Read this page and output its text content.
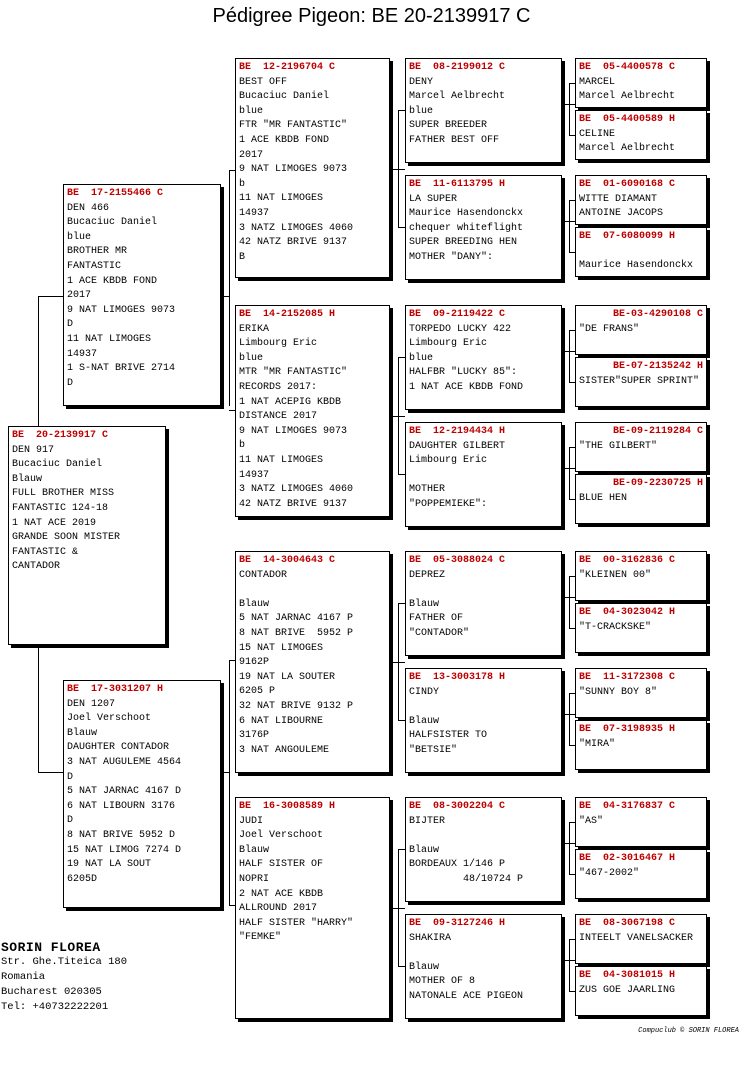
Pédigree Pigeon: BE 20-2139917 C
BE  20-2139917 C
DEN 917
Bucaciuc Daniel
Blauw
FULL BROTHER MISS
FANTASTIC 124-18
1 NAT ACE 2019
GRANDE SOON MISTER
FANTASTIC &
CANTADOR
BE  17-2155466 C
DEN 466
Bucaciuc Daniel
blue
BROTHER MR
FANTASTIC
1 ACE KBDB FOND
2017
9 NAT LIMOGES 9073
D
11 NAT LIMOGES
14937
1 S-NAT BRIVE 2714
D
BE  17-3031207 H
DEN 1207
Joel Verschoot
Blauw
DAUGHTER CONTADOR
3 NAT AUGULEME 4564
D
5 NAT JARNAC 4167 D
6 NAT LIBOURN 3176
D
8 NAT BRIVE 5952 D
15 NAT LIMOG 7274 D
19 NAT LA SOUT
6205D
BE  12-2196704 C
BEST OFF
Bucaciuc Daniel
blue
FTR "MR FANTASTIC"
1 ACE KBDB FOND
2017
9 NAT LIMOGES 9073
b
11 NAT LIMOGES
14937
3 NATZ LIMOGES 4060
42 NATZ BRIVE 9137
B
BE  14-2152085 H
ERIKA
Limbourg Eric
blue
MTR "MR FANTASTIC"
RECORDS 2017:
1 NAT ACEPIG KBDB
DISTANCE 2017
9 NAT LIMOGES 9073
b
11 NAT LIMOGES
14937
3 NATZ LIMOGES 4060
42 NATZ BRIVE 9137
BE  14-3004643 C
CONTADOR
Blauw
5 NAT JARNAC 4167 P
8 NAT BRIVE  5952 P
15 NAT LIMOGES
9162P
19 NAT LA SOUTER
6205 P
32 NAT BRIVE 9132 P
6 NAT LIBOURNE
3176P
3 NAT ANGOULEME
BE  16-3008589 H
JUDI
Joel Verschoot
Blauw
HALF SISTER OF
NOPRI
2 NAT ACE KBDB
ALLROUND 2017
HALF SISTER "HARRY"
"FEMKE"
BE  08-2199012 C
DENY
Marcel Aelbrecht
blue
SUPER BREEDER
FATHER BEST OFF
BE  11-6113795 H
LA SUPER
Maurice Hasendonckx
chequer whiteflight
SUPER BREEDING HEN
MOTHER "DANY":
BE  09-2119422 C
TORPEDO LUCKY 422
Limbourg Eric
blue
HALFBR "LUCKY 85":
1 NAT ACE KBDB FOND
BE  12-2194434 H
DAUGHTER GILBERT
Limbourg Eric
MOTHER
"POPPEMIEKE":
BE  05-3088024 C
DEPREZ
Blauw
FATHER OF
"CONTADOR"
BE  13-3003178 H
CINDY
Blauw
HALFSISTER TO
"BETSIE"
BE  08-3002204 C
BIJTER
Blauw
BORDEAUX 1/146 P
48/10724 P
BE  09-3127246 H
SHAKIRA
Blauw
MOTHER OF 8
NATONALE ACE PIGEON
BE  05-4400578 C
MARCEL
Marcel Aelbrecht
BE  05-4400589 H
CELINE
Marcel Aelbrecht
BE  01-6090168 C
WITTE DIAMANT
ANTOINE JACOPS
BE  07-6080099 H
Maurice Hasendonckx
BE-03-4290108 C
"DE FRANS"
BE-07-2135242 H
SISTER"SUPER SPRINT"
BE-09-2119284 C
"THE GILBERT"
BE-09-2230725 H
BLUE HEN
BE  00-3162836 C
"KLEINEN 00"
BE  04-3023042 H
"T-CRACKSKE"
BE  11-3172308 C
"SUNNY BOY 8"
BE  07-3198935 H
"MIRA"
BE  04-3176837 C
"AS"
BE  02-3016467 H
"467-2002"
BE  08-3067198 C
INTEELT VANELSACKER
BE  04-3081015 H
ZUS GOE JAARLING
SORIN FLOREA
Str. Ghe.Titeica 180
Romania
Bucharest 020305
Tel: +40732222201
Compuclub © SORIN FLOREA
